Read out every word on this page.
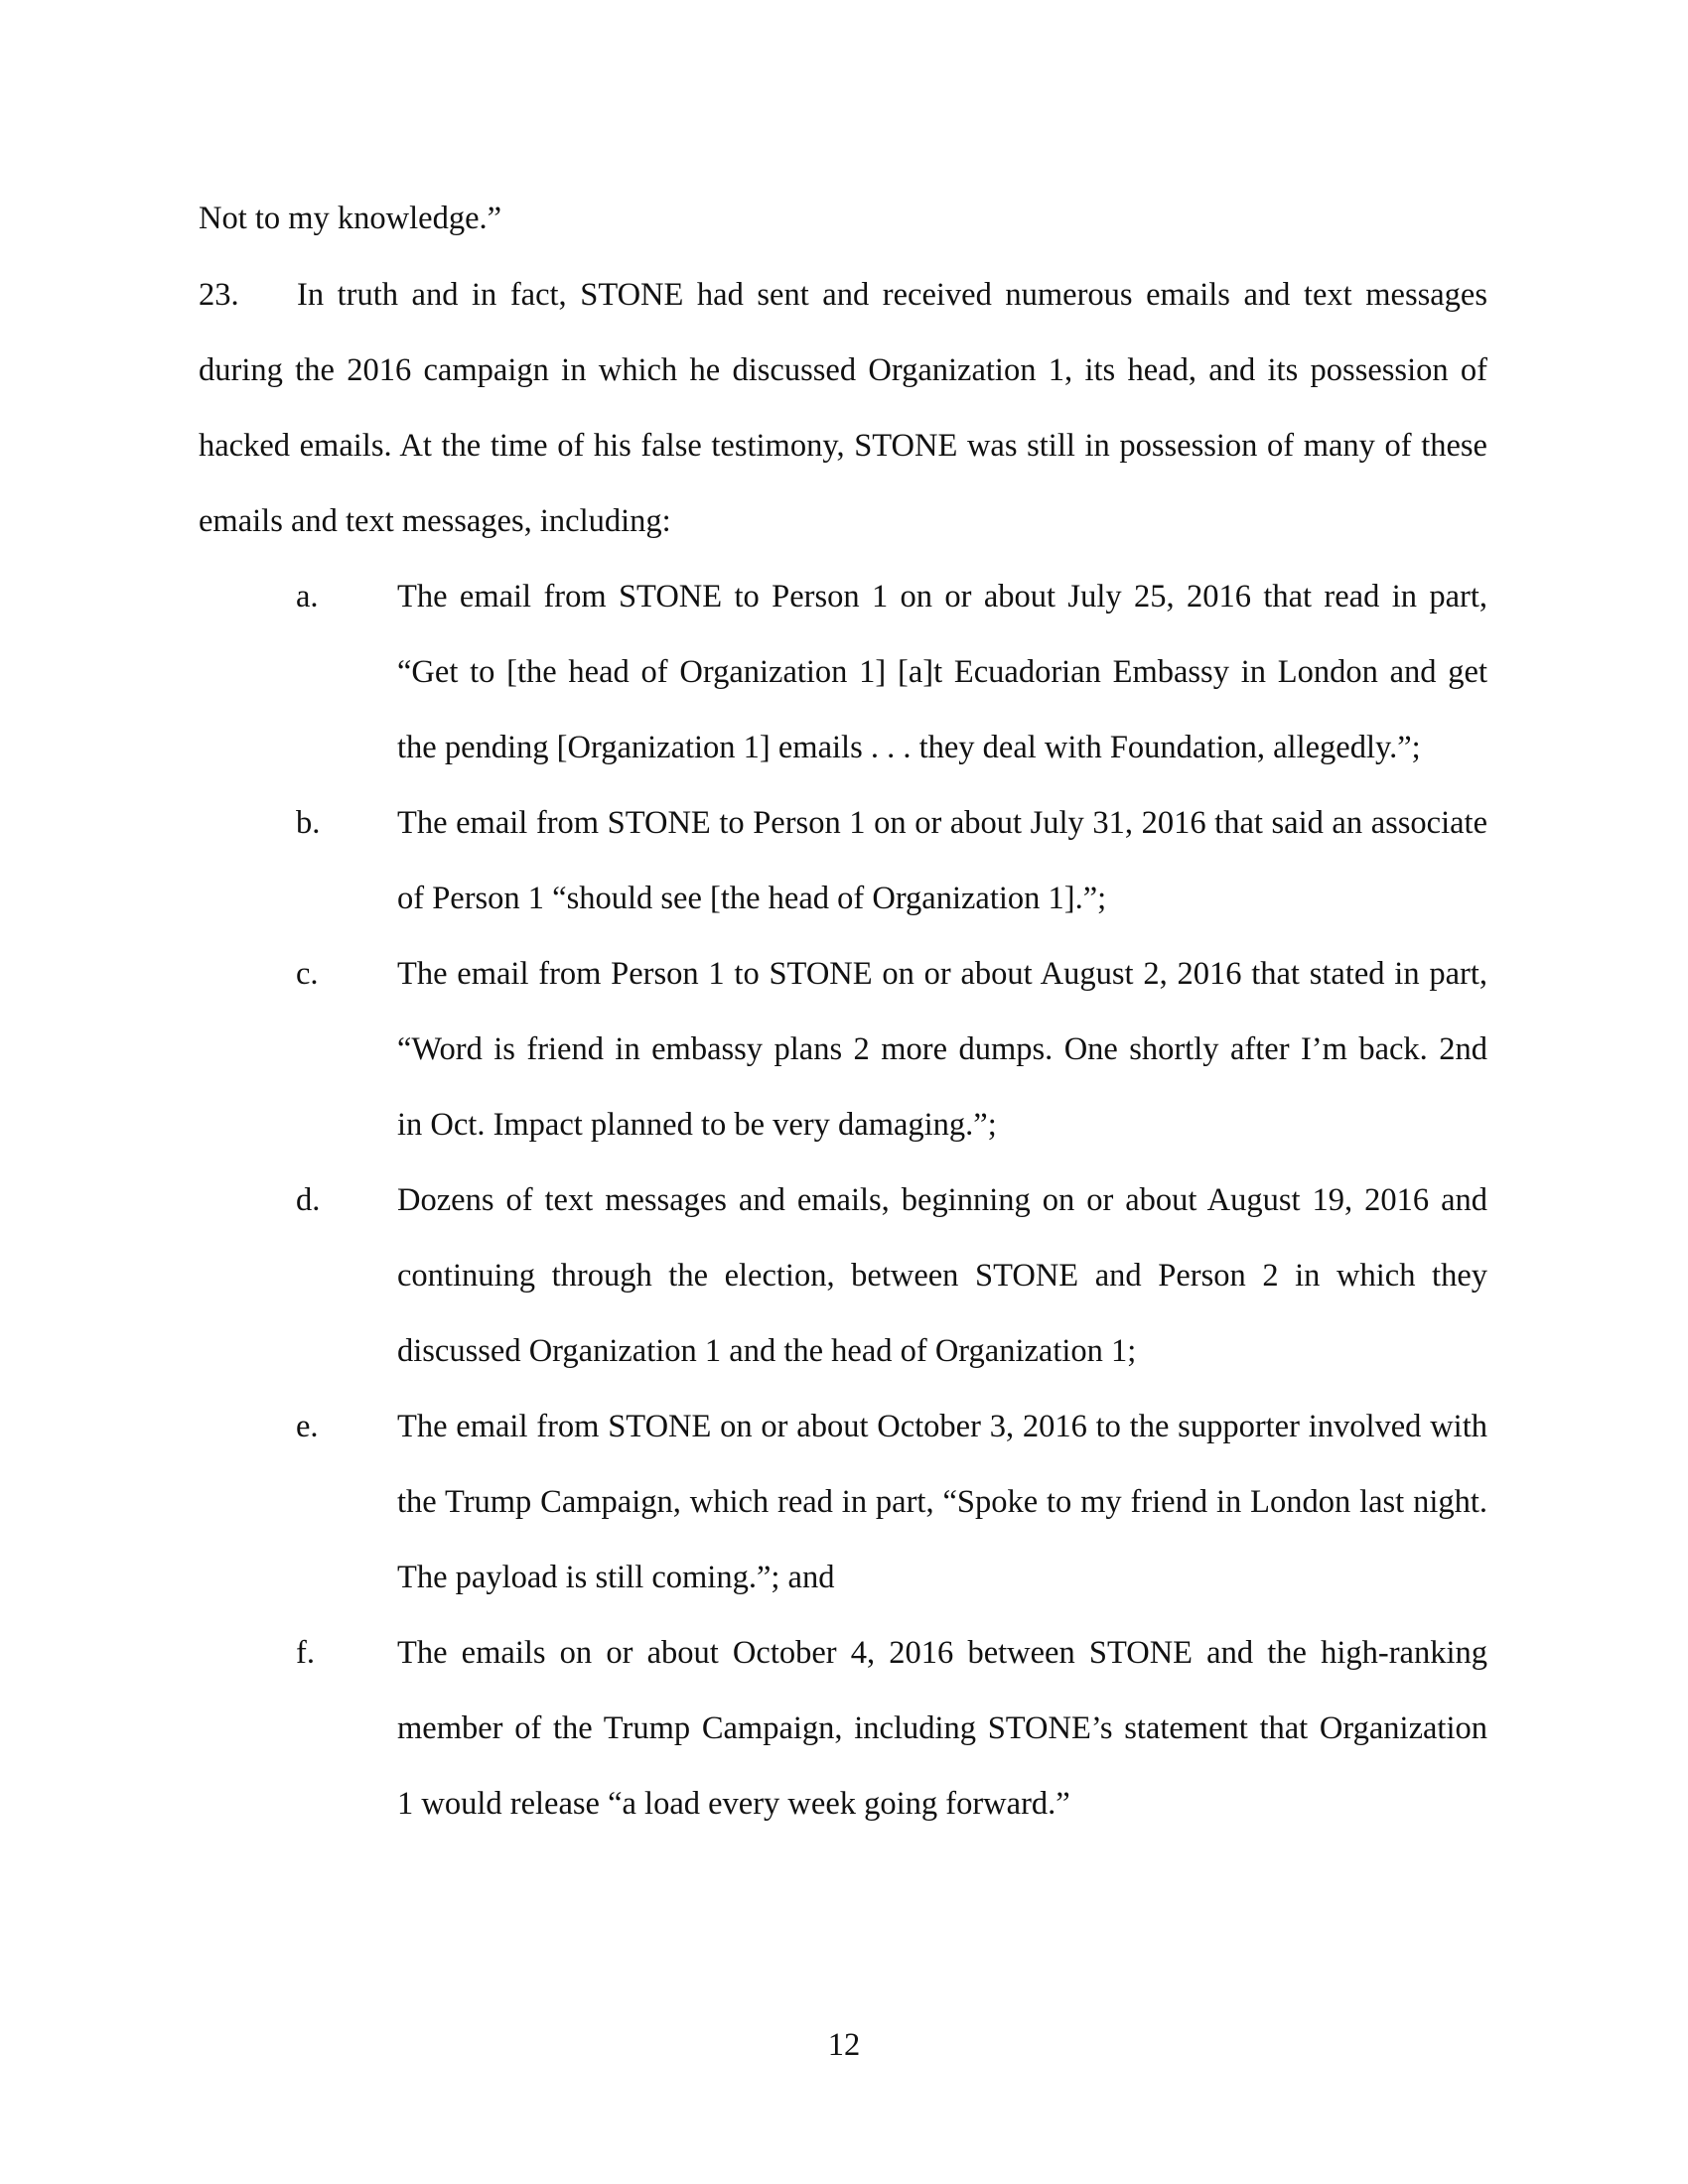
Not to my knowledge.”
23. In truth and in fact, STONE had sent and received numerous emails and text messages
during the 2016 campaign in which he discussed Organization 1, its head, and its possession of
hacked emails. At the time of his false testimony, STONE was still in possession of many of these
emails and text messages, including:
a. The email from STONE to Person 1 on or about July 25, 2016 that read in part,
“Get to [the head of Organization 1] [a]t Ecuadorian Embassy in London and get
the pending [Organization 1] emails . . . they deal with Foundation, allegedly.”;
b. The email from STONE to Person 1 on or about July 31, 2016 that said an associate
of Person 1 “should see [the head of Organization 1].”;
c. The email from Person 1 to STONE on or about August 2, 2016 that stated in part,
“Word is friend in embassy plans 2 more dumps. One shortly after I’m back. 2nd
in Oct. Impact planned to be very damaging.”;
d. Dozens of text messages and emails, beginning on or about August 19, 2016 and
continuing through the election, between STONE and Person 2 in which they
discussed Organization 1 and the head of Organization 1;
e. The email from STONE on or about October 3, 2016 to the supporter involved with
the Trump Campaign, which read in part, “Spoke to my friend in London last night.
The payload is still coming.”; and
f.	The emails on or about October 4, 2016 between STONE and the high-ranking
member of the Trump Campaign, including STONE’s statement that Organization
1 would release “a load every week going forward.”
12
